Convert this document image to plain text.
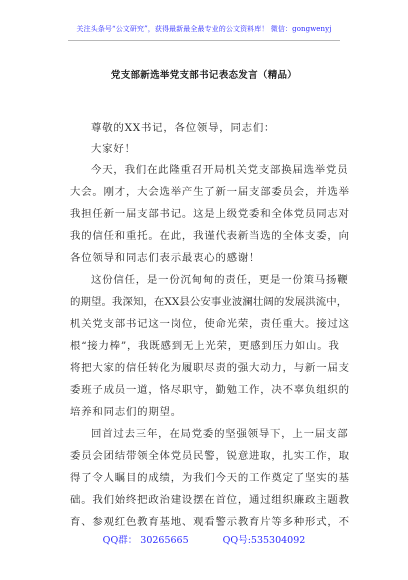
关注头条号“公文研究”，获得最新最全最专业的公文资料库！ 微信：gongwenyj
党支部新选举党支部书记表态发言（精品）
尊敬的XX书记，各位领导，同志们：
大家好！
今天，我们在此隆重召开局机关党支部换届选举党员
大会。刚才，大会选举产生了新一届支部委员会，并选举
我担任新一届支部书记。这是上级党委和全体党员同志对
我的信任和重托。在此，我谨代表新当选的全体支委，向
各位领导和同志们表示最衷心的感谢！
这份信任，是一份沉甸甸的责任，更是一份策马扬鞭
的期望。我深知，在XX县公安事业波澜壮阔的发展洪流中，
机关党支部书记这一岗位，使命光荣，责任重大。接过这
根“接力棒”，我既感到无上光荣，更感到压力如山。我
将把大家的信任转化为履职尽责的强大动力，与新一届支
委班子成员一道，恪尽职守，勤勉工作，决不辜负组织的
培养和同志们的期望。
回首过去三年，在局党委的坚强领导下，上一届支部
委员会团结带领全体党员民警，锐意进取，扎实工作，取
得了令人瞩目的成绩，为我们今天的工作奠定了坚实的基
础。我们始终把政治建设摆在首位，通过组织廉政主题教
育、参观红色教育基地、观看警示教育片等多种形式，不
QQ群： 30265665	QQ号:535304092
